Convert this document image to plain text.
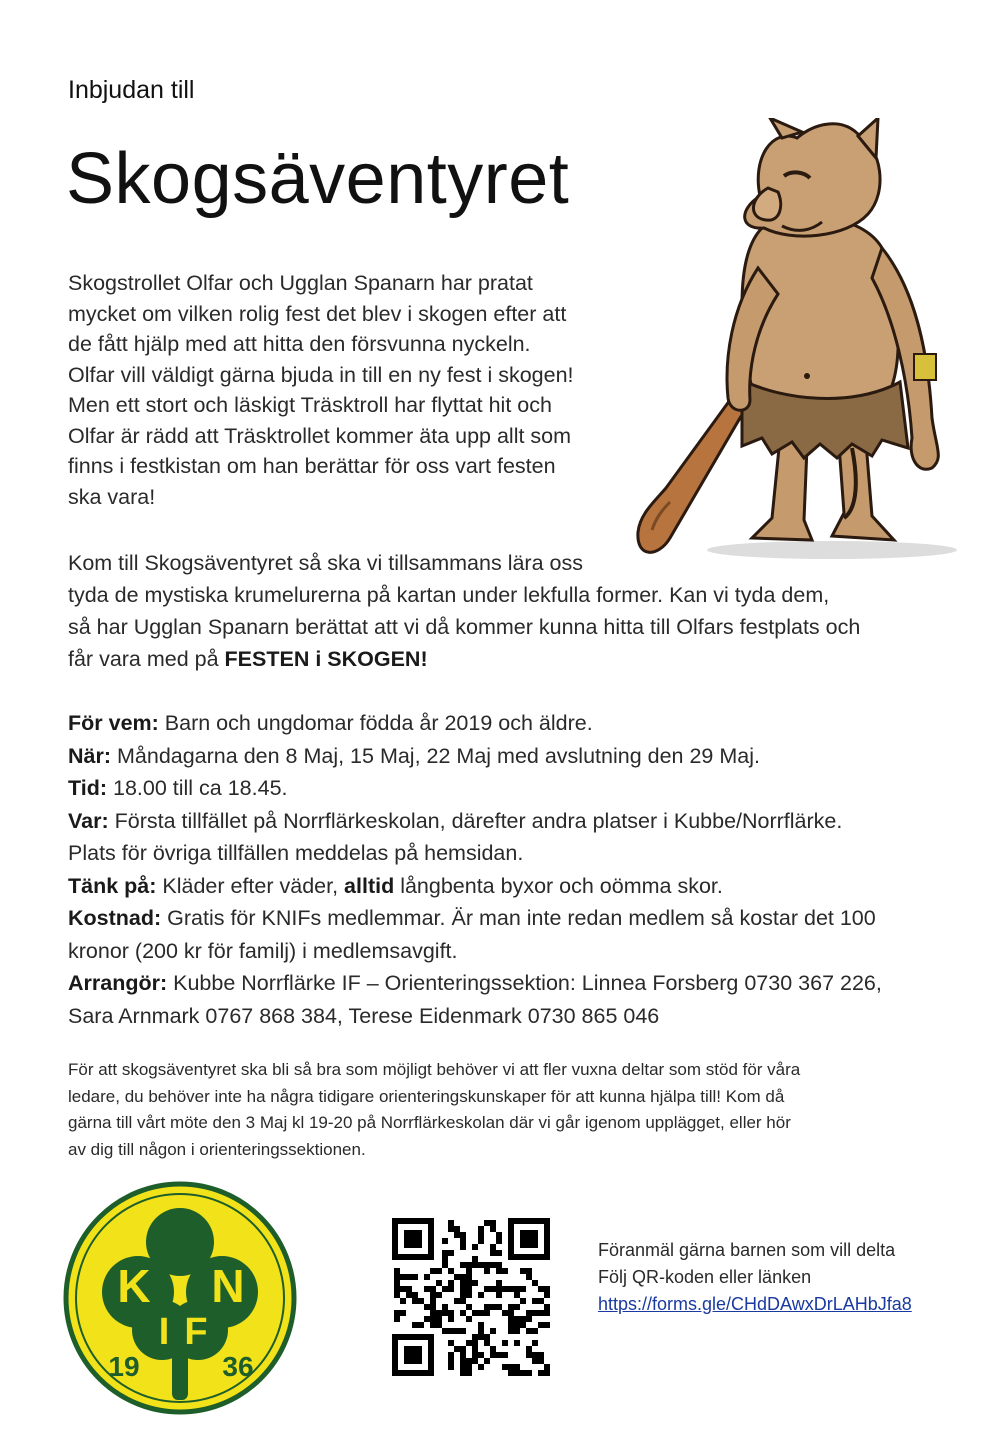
Inbjudan till
Skogsäventyret

Skogstrollet Olfar och Ugglan Spanarn har pratat

mycket om vilken rolig fest det blev i skogen efter att

de fått hjälp med att hitta den försvunna nyckeln.

Olfar vill väldigt gärna bjuda in till en ny fest i skogen!

Men ett stort och läskigt Träsktroll har flyttat hit och

Olfar är rädd att Träsktrollet kommer äta upp allt som

finns i festkistan om han berättar för oss vart festen

ska vara!

Kom till Skogsäventyret så ska vi tillsammans lära oss

tyda de mystiska krumelurerna på kartan under lekfulla former. Kan vi tyda dem,

så har Ugglan Spanarn berättat att vi då kommer kunna hitta till Olfars festplats och

får vara med på FESTEN i SKOGEN!

För vem: Barn och ungdomar födda år 2019 och äldre.

När: Måndagarna den 8 Maj, 15 Maj, 22 Maj med avslutning den 29 Maj.

Tid: 18.00 till ca 18.45.

Var: Första tillfället på Norrflärkeskolan, därefter andra platser i Kubbe/Norrflärke.

Plats för övriga tillfällen meddelas på hemsidan.

Tänk på: Kläder efter väder, alltid långbenta byxor och oömma skor.

Kostnad: Gratis för KNIFs medlemmar. Är man inte redan medlem så kostar det 100

kronor (200 kr för familj) i medlemsavgift.

Arrangör: Kubbe Norrflärke IF – Orienteringssektion: Linnea Forsberg 0730 367 226,

Sara Arnmark 0767 868 384, Terese Eidenmark 0730 865 046

För att skogsäventyret ska bli så bra som möjligt behöver vi att fler vuxna deltar som stöd för våra

ledare, du behöver inte ha några tidigare orienteringskunskaper för att kunna hjälpa till! Kom då

gärna till vårt möte den 3 Maj kl 19-20 på Norrflärkeskolan där vi går igenom upplägget, eller hör

av dig till någon i orienteringssektionen.

K N
I F
19	36
Föranmäl gärna barnen som vill delta
Följ QR-koden eller länken
https://forms.gle/CHdDAwxDrLAHbJfa8
